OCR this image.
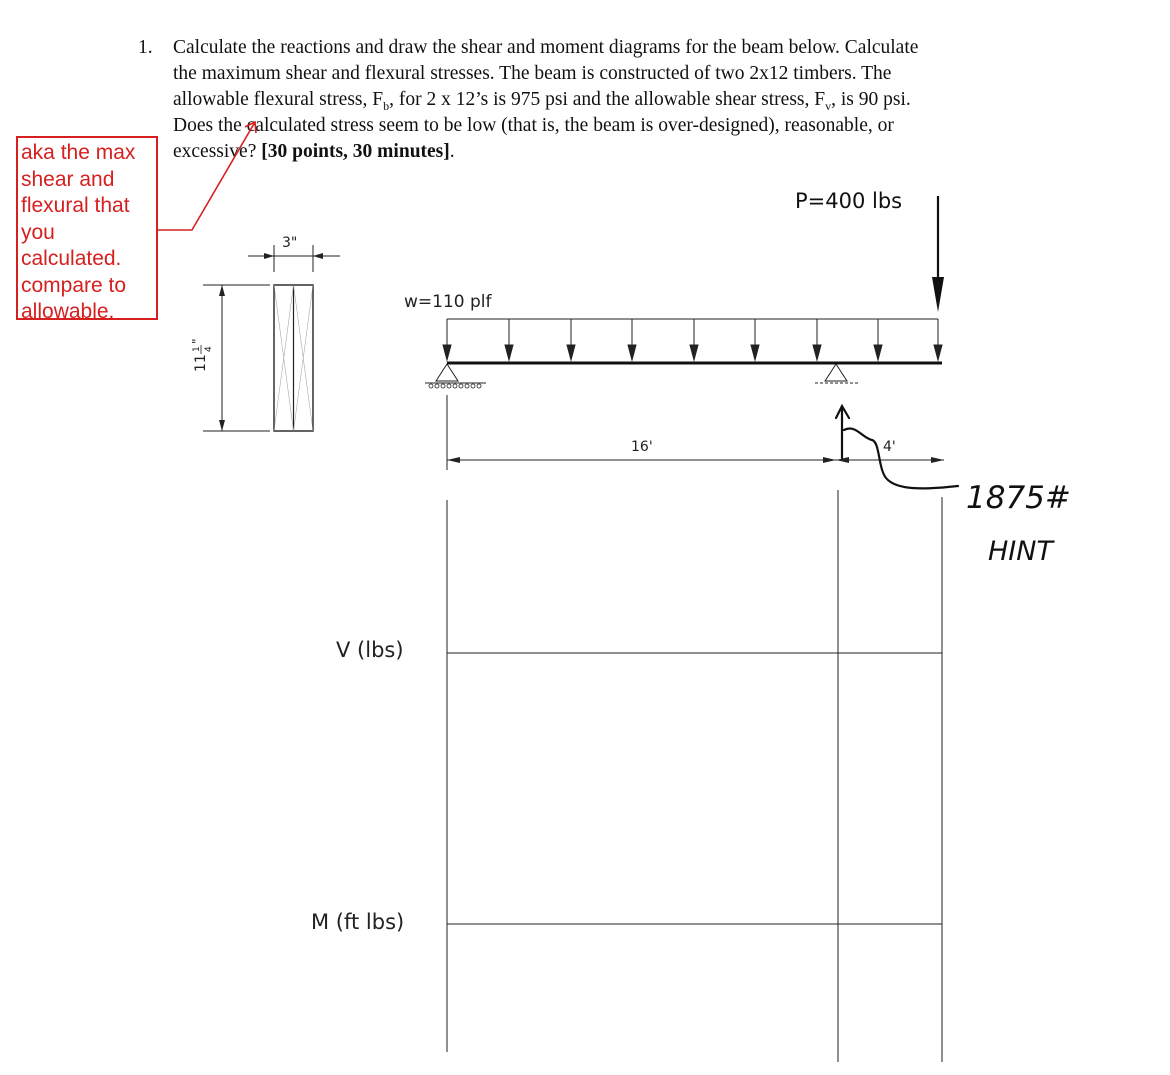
1. Calculate the reactions and draw the shear and moment diagrams for the beam below. Calculate
the maximum shear and flexural stresses. The beam is constructed of two 2x12 timbers. The
allowable flexural stress, $F_b$, for 2 x 12’s is 975 psi and the allowable shear stress, $F_v$, is 90 psi.
Does the calculated stress seem to be low (that is, the beam is over-designed), reasonable, or
excessive? [30 points, 30 minutes].
aka the max
shear and
flexural that
you
calculated.
compare to
allowable.
3"
11
1 4
"
w=110 plf
P=400 lbs
16'	4'
V (lbs)
M (ft lbs)
1875#
HINT
